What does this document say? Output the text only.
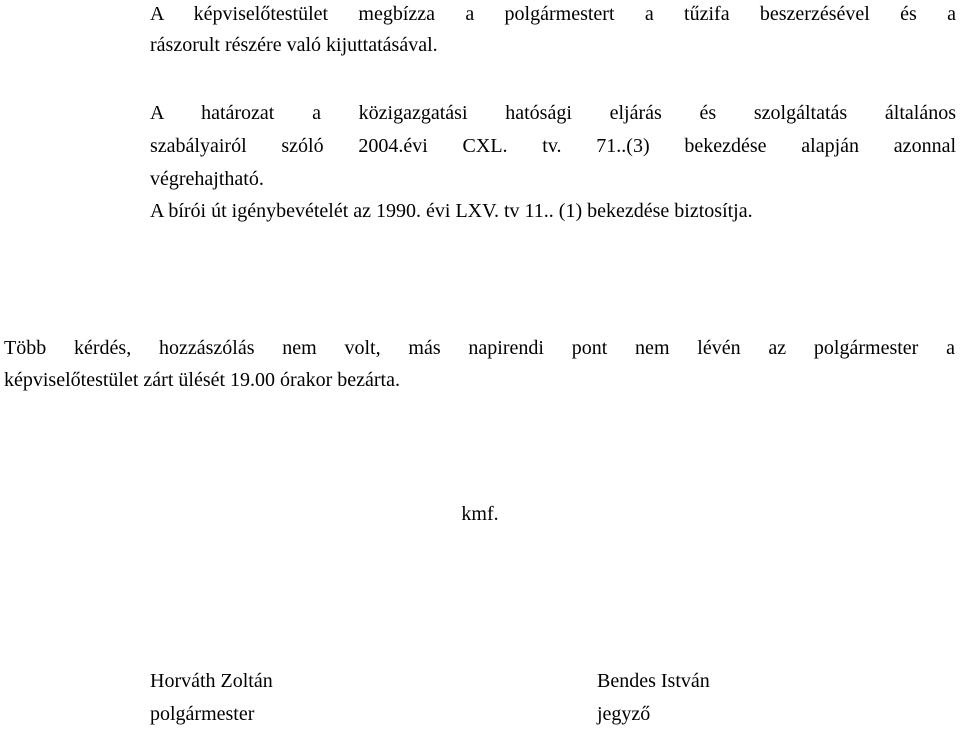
A képviselőtestület megbízza a polgármestert a tűzifa beszerzésével és a
rászorult részére való kijuttatásával.
A határozat a közigazgatási hatósági eljárás és szolgáltatás általános
szabályairól szóló 2004.évi CXL. tv. 71..(3) bekezdése alapján azonnal
végrehajtható.
A bírói út igénybevételét az 1990. évi LXV. tv 11.. (1) bekezdése biztosítja.
Több kérdés, hozzászólás nem volt, más napirendi pont nem lévén az polgármester a
képviselőtestület zárt ülését 19.00 órakor bezárta.
kmf.
Horváth Zoltán
polgármester
Bendes István
jegyző
